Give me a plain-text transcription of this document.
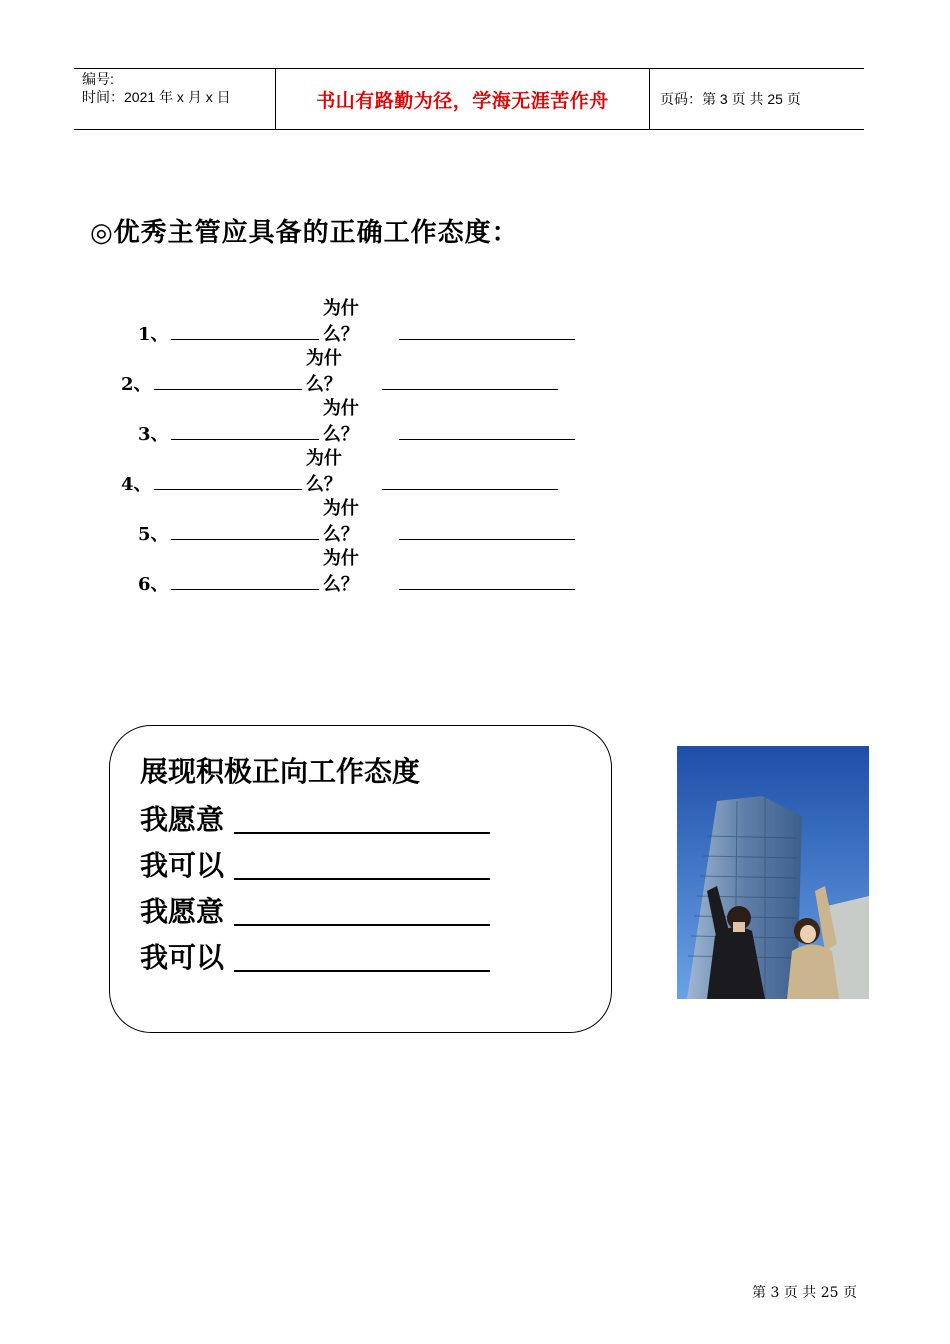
编号:
时间：2021 年 x 月 x 日	书山有路勤为径，学海无涯苦作舟	页码：第 3 页 共 25 页
◎优秀主管应具备的正确工作态度：
1、
为什么？
2、
为什么？
3、
为什么？
4、
为什么？
5、
为什么？
6、
为什么？
展现积极正向工作态度
我愿意
我可以
我愿意
我可以
第 3 页 共 25 页
